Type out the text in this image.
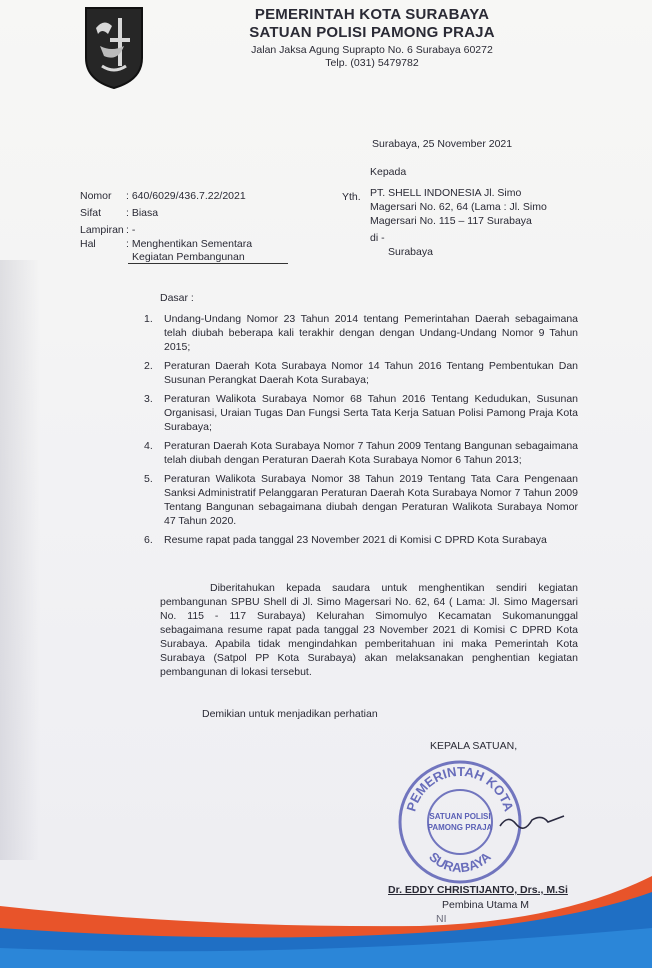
PEMERINTAH KOTA SURABAYA
SATUAN POLISI PAMONG PRAJA
Jalan Jaksa Agung Suprapto No. 6 Surabaya 60272
Telp. (031) 5479782
Surabaya, 25 November 2021
Kepada
Yth. PT. SHELL INDONESIA Jl. Simo Magersari No. 62, 64 (Lama : Jl. Simo Magersari No. 115 – 117 Surabaya
di -
Surabaya
Nomor : 640/6029/436.7.22/2021
Sifat : Biasa
Lampiran : -
Hal	: Menghentikan Sementara
Kegiatan Pembangunan
Dasar :
1. Undang-Undang Nomor 23 Tahun 2014 tentang Pemerintahan Daerah sebagaimana telah diubah beberapa kali terakhir dengan dengan Undang-Undang Nomor 9 Tahun 2015;
2. Peraturan Daerah Kota Surabaya Nomor 14 Tahun 2016 Tentang Pembentukan Dan Susunan Perangkat Daerah Kota Surabaya;
3. Peraturan Walikota Surabaya Nomor 68 Tahun 2016 Tentang Kedudukan, Susunan Organisasi, Uraian Tugas Dan Fungsi Serta Tata Kerja Satuan Polisi Pamong Praja Kota Surabaya;
4. Peraturan Daerah Kota Surabaya Nomor 7 Tahun 2009 Tentang Bangunan sebagaimana telah diubah dengan Peraturan Daerah Kota Surabaya Nomor 6 Tahun 2013;
5. Peraturan Walikota Surabaya Nomor 38 Tahun 2019 Tentang Tata Cara Pengenaan Sanksi Administratif Pelanggaran Peraturan Daerah Kota Surabaya Nomor 7 Tahun 2009 Tentang Bangunan sebagaimana diubah dengan Peraturan Walikota Surabaya Nomor 47 Tahun 2020.
6. Resume rapat pada tanggal 23 November 2021 di Komisi C DPRD Kota Surabaya
Diberitahukan kepada saudara untuk menghentikan sendiri kegiatan pembangunan SPBU Shell di Jl. Simo Magersari No. 62, 64 ( Lama: Jl. Simo Magersari No. 115 - 117 Surabaya) Kelurahan Simomulyo Kecamatan Sukomanunggal sebagaimana resume rapat pada tanggal 23 November 2021 di Komisi C DPRD Kota Surabaya. Apabila tidak mengindahkan pemberitahuan ini maka Pemerintah Kota Surabaya (Satpol PP Kota Surabaya) akan melaksanakan penghentian kegiatan pembangunan di lokasi tersebut.
Demikian untuk menjadikan perhatian
KEPALA SATUAN,
PEMERINTAH KOTA
SURABAYA
SATUAN POLISI
PAMONG PRAJA
Dr. EDDY CHRISTIJANTO, Drs., M.Si
Pembina Utama M
NI
